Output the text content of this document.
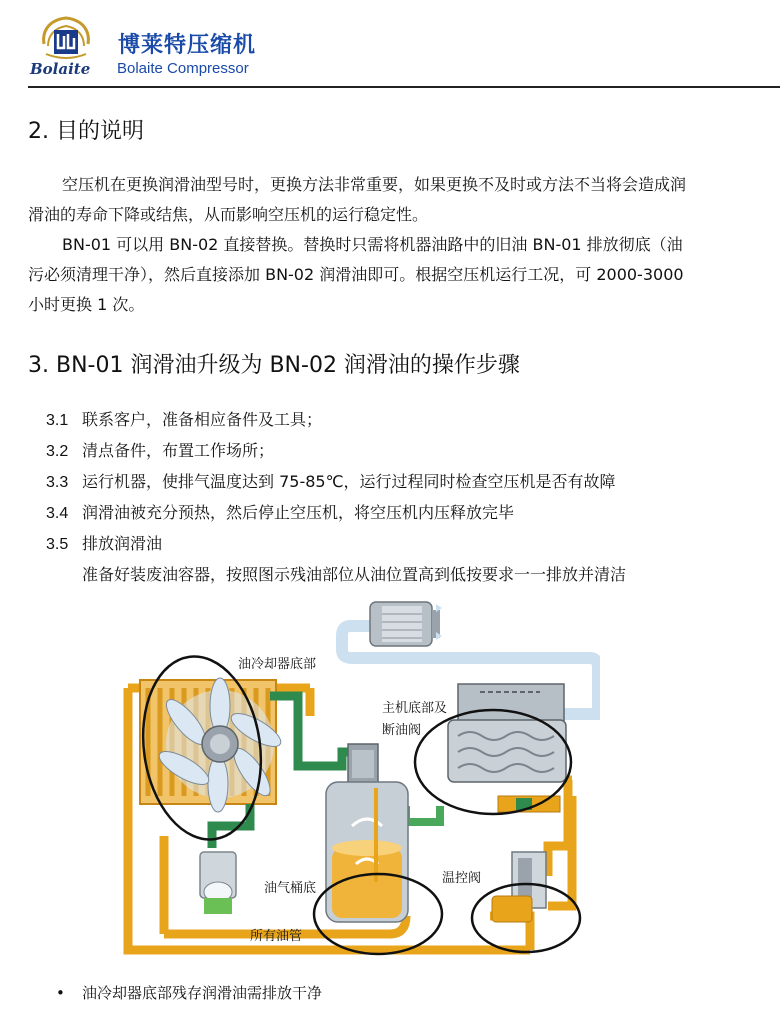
Bolaite
博莱特压缩机
Bolaite Compressor
2. 目的说明
空压机在更换润滑油型号时，更换方法非常重要，如果更换不及时或方法不当将会造成润
滑油的寿命下降或结焦，从而影响空压机的运行稳定性。
BN-01 可以用 BN-02 直接替换。替换时只需将机器油路中的旧油 BN-01 排放彻底（油
污必须清理干净），然后直接添加 BN-02 润滑油即可。根据空压机运行工况，可 2000-3000
小时更换 1 次。
3. BN-01 润滑油升级为 BN-02 润滑油的操作步骤
3.1 联系客户，准备相应备件及工具；
3.2 清点备件，布置工作场所；
3.3 运行机器，使排气温度达到 75-85℃，运行过程同时检查空压机是否有故障
3.4 润滑油被充分预热，然后停止空压机，将空压机内压释放完毕
3.5 排放润滑油
准备好装废油容器，按照图示残油部位从油位置高到低按要求一一排放并清洁
油冷却器底部
主机底部及
断油阀
油气桶底
温控阀
所有油管
• 油冷却器底部残存润滑油需排放干净
